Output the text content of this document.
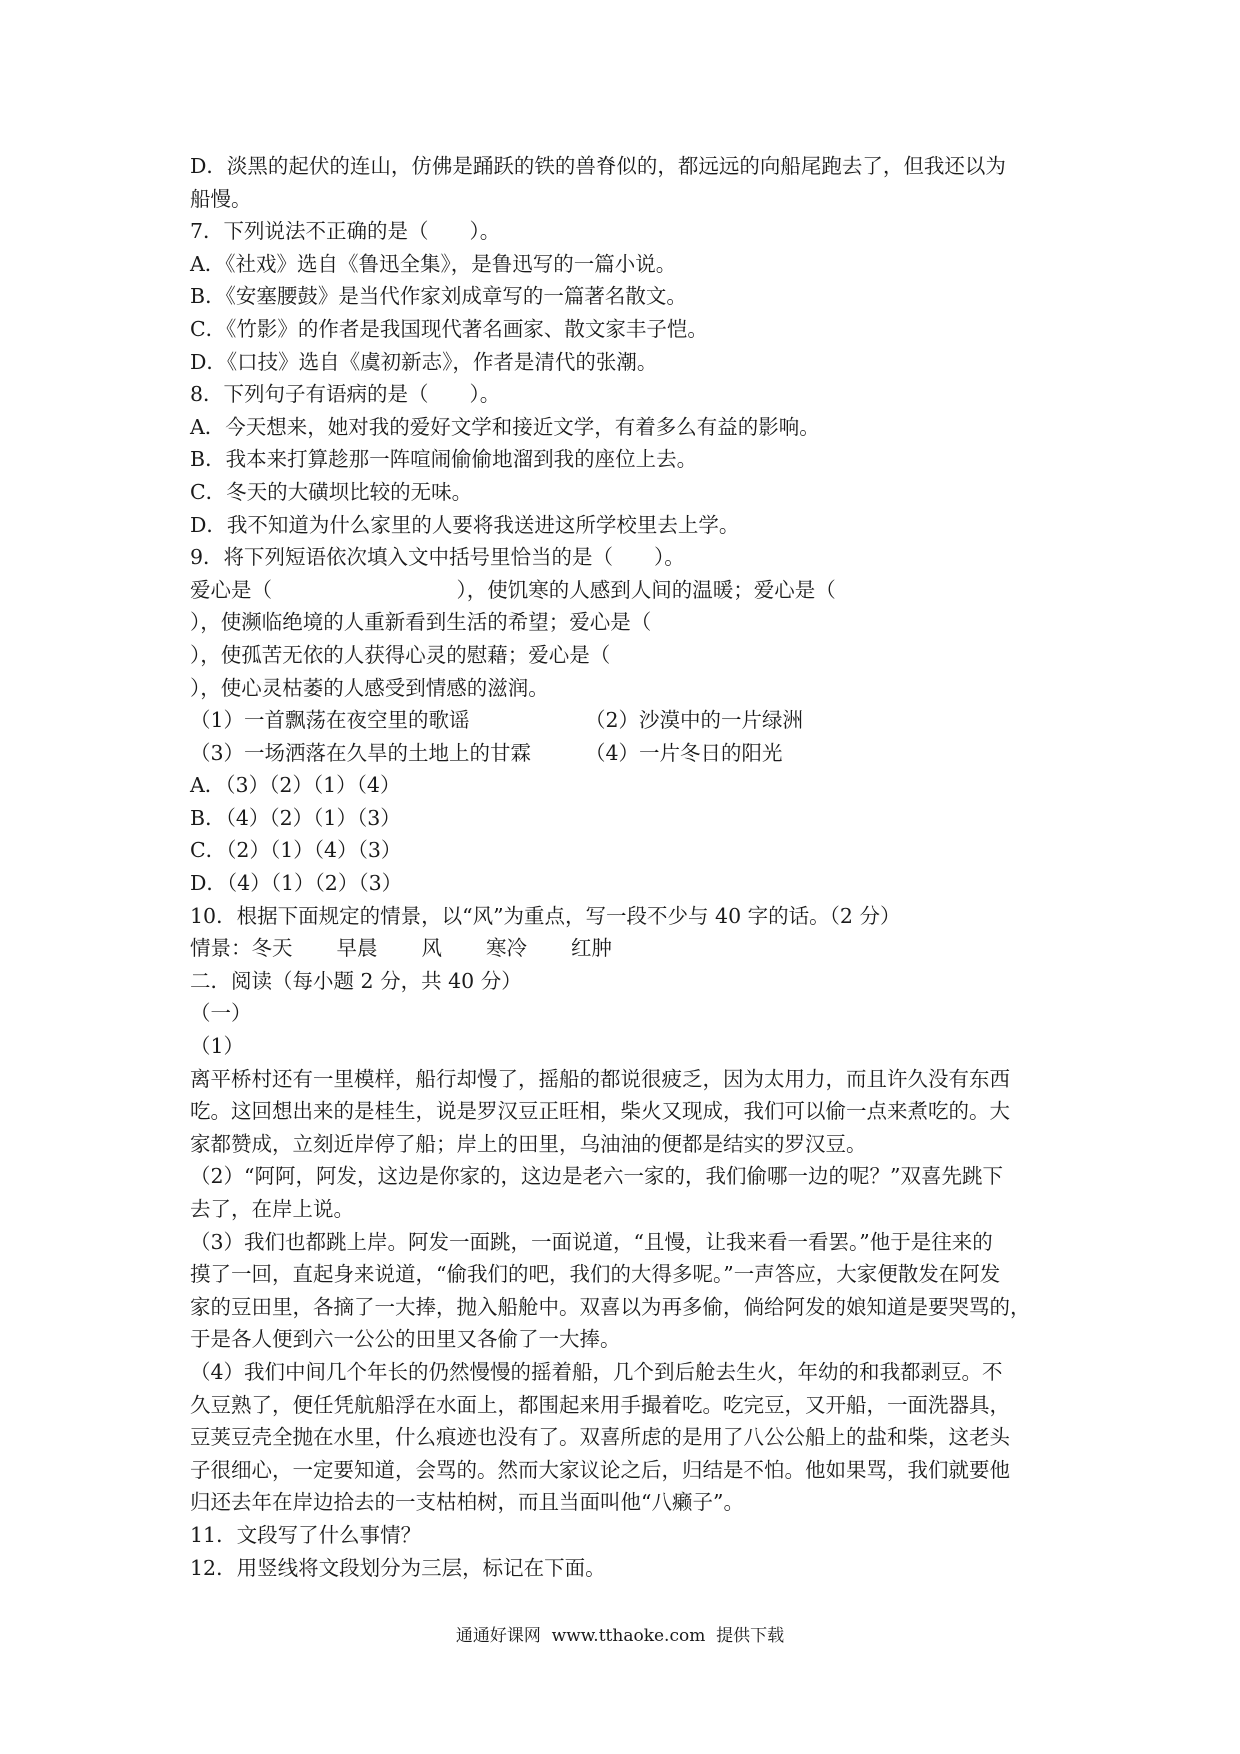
D．淡黑的起伏的连山，仿佛是踊跃的铁的兽脊似的，都远远的向船尾跑去了，但我还以为
船慢。
7．下列说法不正确的是（　　）。
A．《社戏》选自《鲁迅全集》，是鲁迅写的一篇小说。
B．《安塞腰鼓》是当代作家刘成章写的一篇著名散文。
C．《竹影》的作者是我国现代著名画家、散文家丰子恺。
D．《口技》选自《虞初新志》，作者是清代的张潮。
8．下列句子有语病的是（　　）。
A．今天想来，她对我的爱好文学和接近文学，有着多么有益的影响。
B．我本来打算趁那一阵喧闹偷偷地溜到我的座位上去。
C．冬天的大磺坝比较的无味。
D．我不知道为什么家里的人要将我送进这所学校里去上学。
9．将下列短语依次填入文中括号里恰当的是（　　）。
爱心是（　　　　　　　　　），使饥寒的人感到人间的温暖；爱心是（
），使濒临绝境的人重新看到生活的希望；爱心是（
），使孤苦无依的人获得心灵的慰藉；爱心是（
），使心灵枯萎的人感受到情感的滋润。
（1）一首飘荡在夜空里的歌谣	（2）沙漠中的一片绿洲
（3）一场洒落在久旱的土地上的甘霖	（4）一片冬日的阳光
A．（3）（2）（1）（4）
B．（4）（2）（1）（3）
C．（2）（1）（4）（3）
D．（4）（1）（2）（3）
10．根据下面规定的情景，以“风”为重点，写一段不少与 40 字的话。（2 分）
情景：冬天 早晨 风 寒冷 红肿
二．阅读（每小题 2 分，共 40 分）
（一）
（1）
离平桥村还有一里模样，船行却慢了，摇船的都说很疲乏，因为太用力，而且许久没有东西
吃。这回想出来的是桂生，说是罗汉豆正旺相，柴火又现成，我们可以偷一点来煮吃的。大
家都赞成，立刻近岸停了船；岸上的田里，乌油油的便都是结实的罗汉豆。
（2）“阿阿，阿发，这边是你家的，这边是老六一家的，我们偷哪一边的呢？”双喜先跳下
去了，在岸上说。
（3）我们也都跳上岸。阿发一面跳，一面说道，“且慢，让我来看一看罢。”他于是往来的
摸了一回，直起身来说道，“偷我们的吧，我们的大得多呢。”一声答应，大家便散发在阿发
家的豆田里，各摘了一大捧，抛入船舱中。双喜以为再多偷，倘给阿发的娘知道是要哭骂的，
于是各人便到六一公公的田里又各偷了一大捧。
（4）我们中间几个年长的仍然慢慢的摇着船，几个到后舱去生火，年幼的和我都剥豆。不
久豆熟了，便任凭航船浮在水面上，都围起来用手撮着吃。吃完豆，又开船，一面洗器具，
豆荚豆壳全抛在水里，什么痕迹也没有了。双喜所虑的是用了八公公船上的盐和柴，这老头
子很细心，一定要知道，会骂的。然而大家议论之后，归结是不怕。他如果骂，我们就要他
归还去年在岸边拾去的一支枯柏树，而且当面叫他“八癞子”。
11．文段写了什么事情？
12．用竖线将文段划分为三层，标记在下面。
通通好课网  www.tthaoke.com  提供下载
